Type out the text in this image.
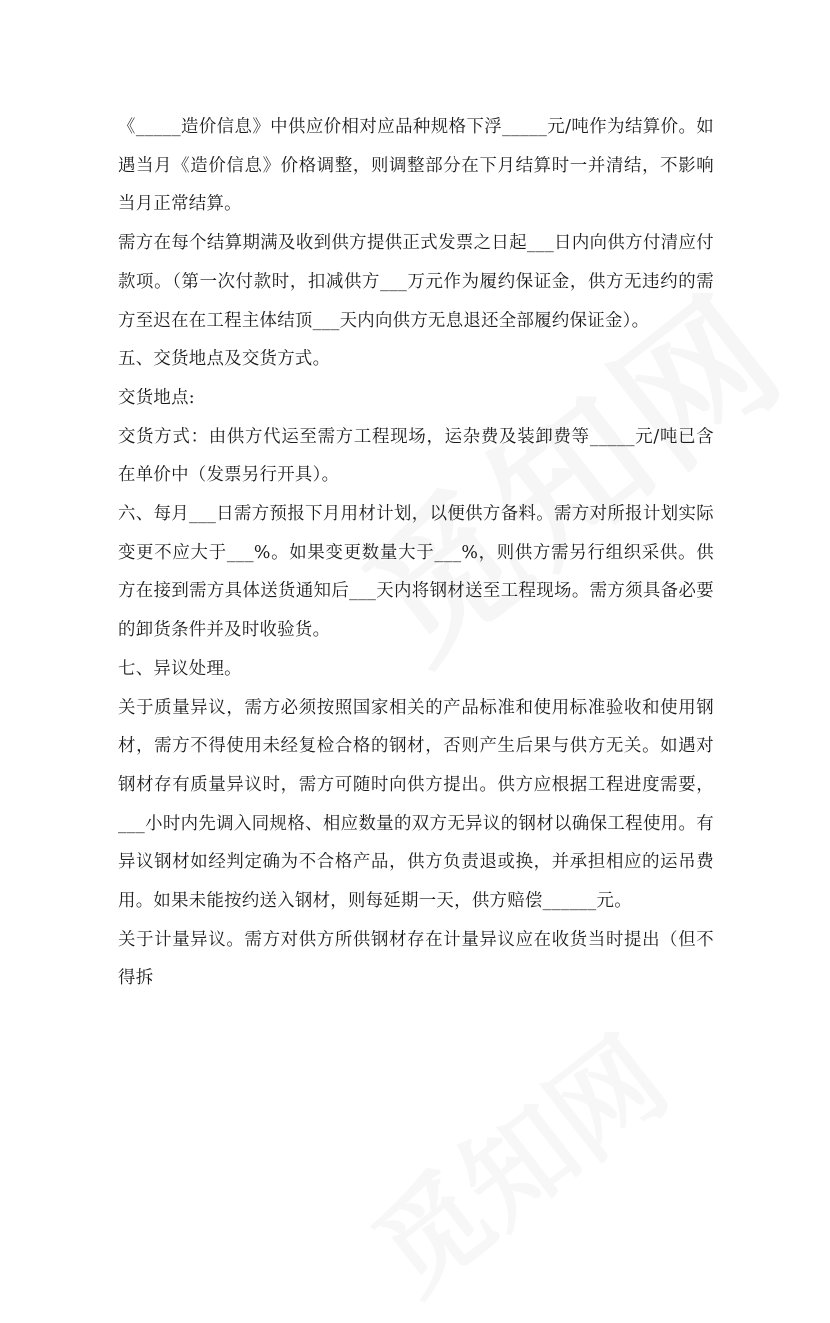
《_____造价信息》中供应价相对应品种规格下浮_____元/吨作为结算价。如遇当月《造价信息》价格调整，则调整部分在下月结算时一并清结，不影响当月正常结算。

需方在每个结算期满及收到供方提供正式发票之日起___日内向供方付清应付款项。（第一次付款时，扣减供方___万元作为履约保证金，供方无违约的需方至迟在在工程主体结顶___天内向供方无息退还全部履约保证金）。

五、交货地点及交货方式。

交货地点:

交货方式：由供方代运至需方工程现场，运杂费及装卸费等_____元/吨已含在单价中（发票另行开具）。

六、每月___日需方预报下月用材计划，以便供方备料。需方对所报计划实际变更不应大于___%。如果变更数量大于___%，则供方需另行组织采供。供方在接到需方具体送货通知后___天内将钢材送至工程现场。需方须具备必要的卸货条件并及时收验货。

七、异议处理。

关于质量异议，需方必须按照国家相关的产品标准和使用标准验收和使用钢材，需方不得使用未经复检合格的钢材，否则产生后果与供方无关。如遇对钢材存有质量异议时，需方可随时向供方提出。供方应根据工程进度需要，___小时内先调入同规格、相应数量的双方无异议的钢材以确保工程使用。有异议钢材如经判定确为不合格产品，供方负责退或换，并承担相应的运吊费用。如果未能按约送入钢材，则每延期一天，供方赔偿______元。

关于计量异议。需方对供方所供钢材存在计量异议应在收货当时提出（但不得拆
